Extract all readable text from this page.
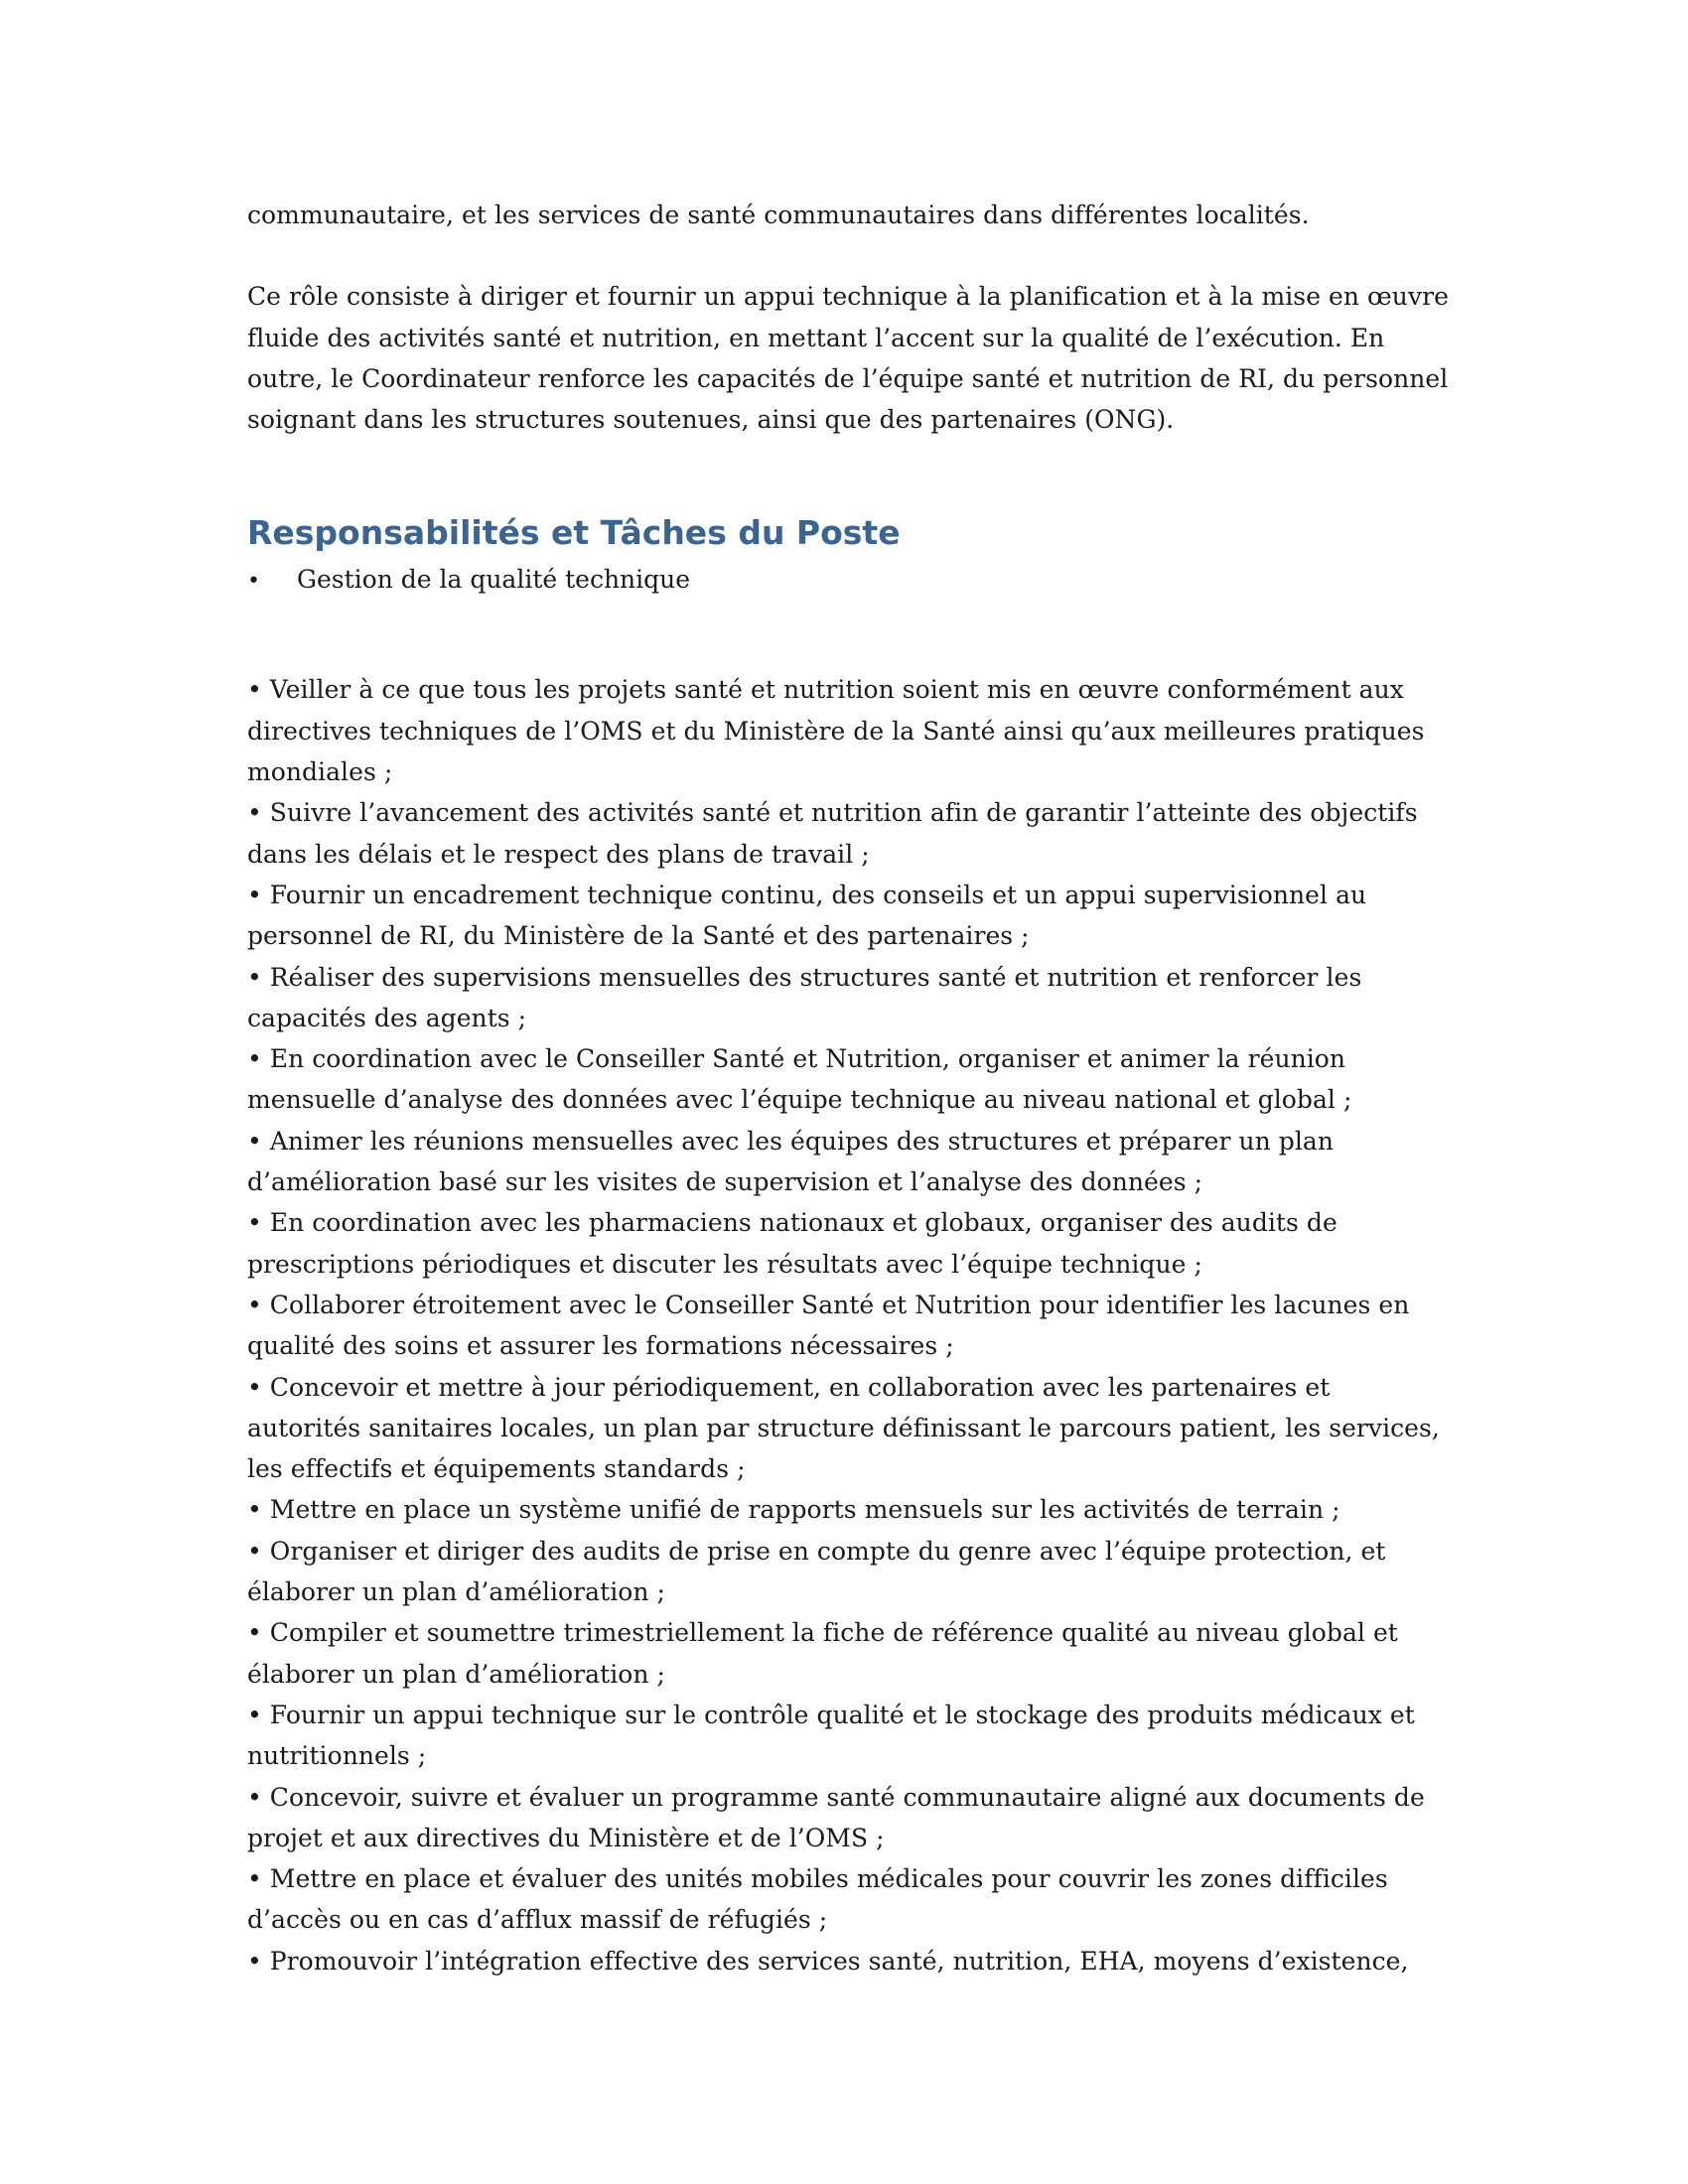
communautaire, et les services de santé communautaires dans différentes localités.

Ce rôle consiste à diriger et fournir un appui technique à la planification et à la mise en œuvre fluide des activités santé et nutrition, en mettant l’accent sur la qualité de l’exécution. En outre, le Coordinateur renforce les capacités de l’équipe santé et nutrition de RI, du personnel soignant dans les structures soutenues, ainsi que des partenaires (ONG).

Responsabilités et Tâches du Poste
•	Gestion de la qualité technique

• Veiller à ce que tous les projets santé et nutrition soient mis en œuvre conformément aux directives techniques de l’OMS et du Ministère de la Santé ainsi qu’aux meilleures pratiques mondiales ;

• Suivre l’avancement des activités santé et nutrition afin de garantir l’atteinte des objectifs dans les délais et le respect des plans de travail ;

• Fournir un encadrement technique continu, des conseils et un appui supervisionnel au personnel de RI, du Ministère de la Santé et des partenaires ;

• Réaliser des supervisions mensuelles des structures santé et nutrition et renforcer les capacités des agents ;

• En coordination avec le Conseiller Santé et Nutrition, organiser et animer la réunion mensuelle d’analyse des données avec l’équipe technique au niveau national et global ;

• Animer les réunions mensuelles avec les équipes des structures et préparer un plan d’amélioration basé sur les visites de supervision et l’analyse des données ;

• En coordination avec les pharmaciens nationaux et globaux, organiser des audits de prescriptions périodiques et discuter les résultats avec l’équipe technique ;

• Collaborer étroitement avec le Conseiller Santé et Nutrition pour identifier les lacunes en qualité des soins et assurer les formations nécessaires ;

• Concevoir et mettre à jour périodiquement, en collaboration avec les partenaires et autorités sanitaires locales, un plan par structure définissant le parcours patient, les services, les effectifs et équipements standards ;

• Mettre en place un système unifié de rapports mensuels sur les activités de terrain ;

• Organiser et diriger des audits de prise en compte du genre avec l’équipe protection, et élaborer un plan d’amélioration ;

• Compiler et soumettre trimestriellement la fiche de référence qualité au niveau global et élaborer un plan d’amélioration ;

• Fournir un appui technique sur le contrôle qualité et le stockage des produits médicaux et nutritionnels ;

• Concevoir, suivre et évaluer un programme santé communautaire aligné aux documents de projet et aux directives du Ministère et de l’OMS ;

• Mettre en place et évaluer des unités mobiles médicales pour couvrir les zones difficiles d’accès ou en cas d’afflux massif de réfugiés ;

• Promouvoir l’intégration effective des services santé, nutrition, EHA, moyens d’existence,
